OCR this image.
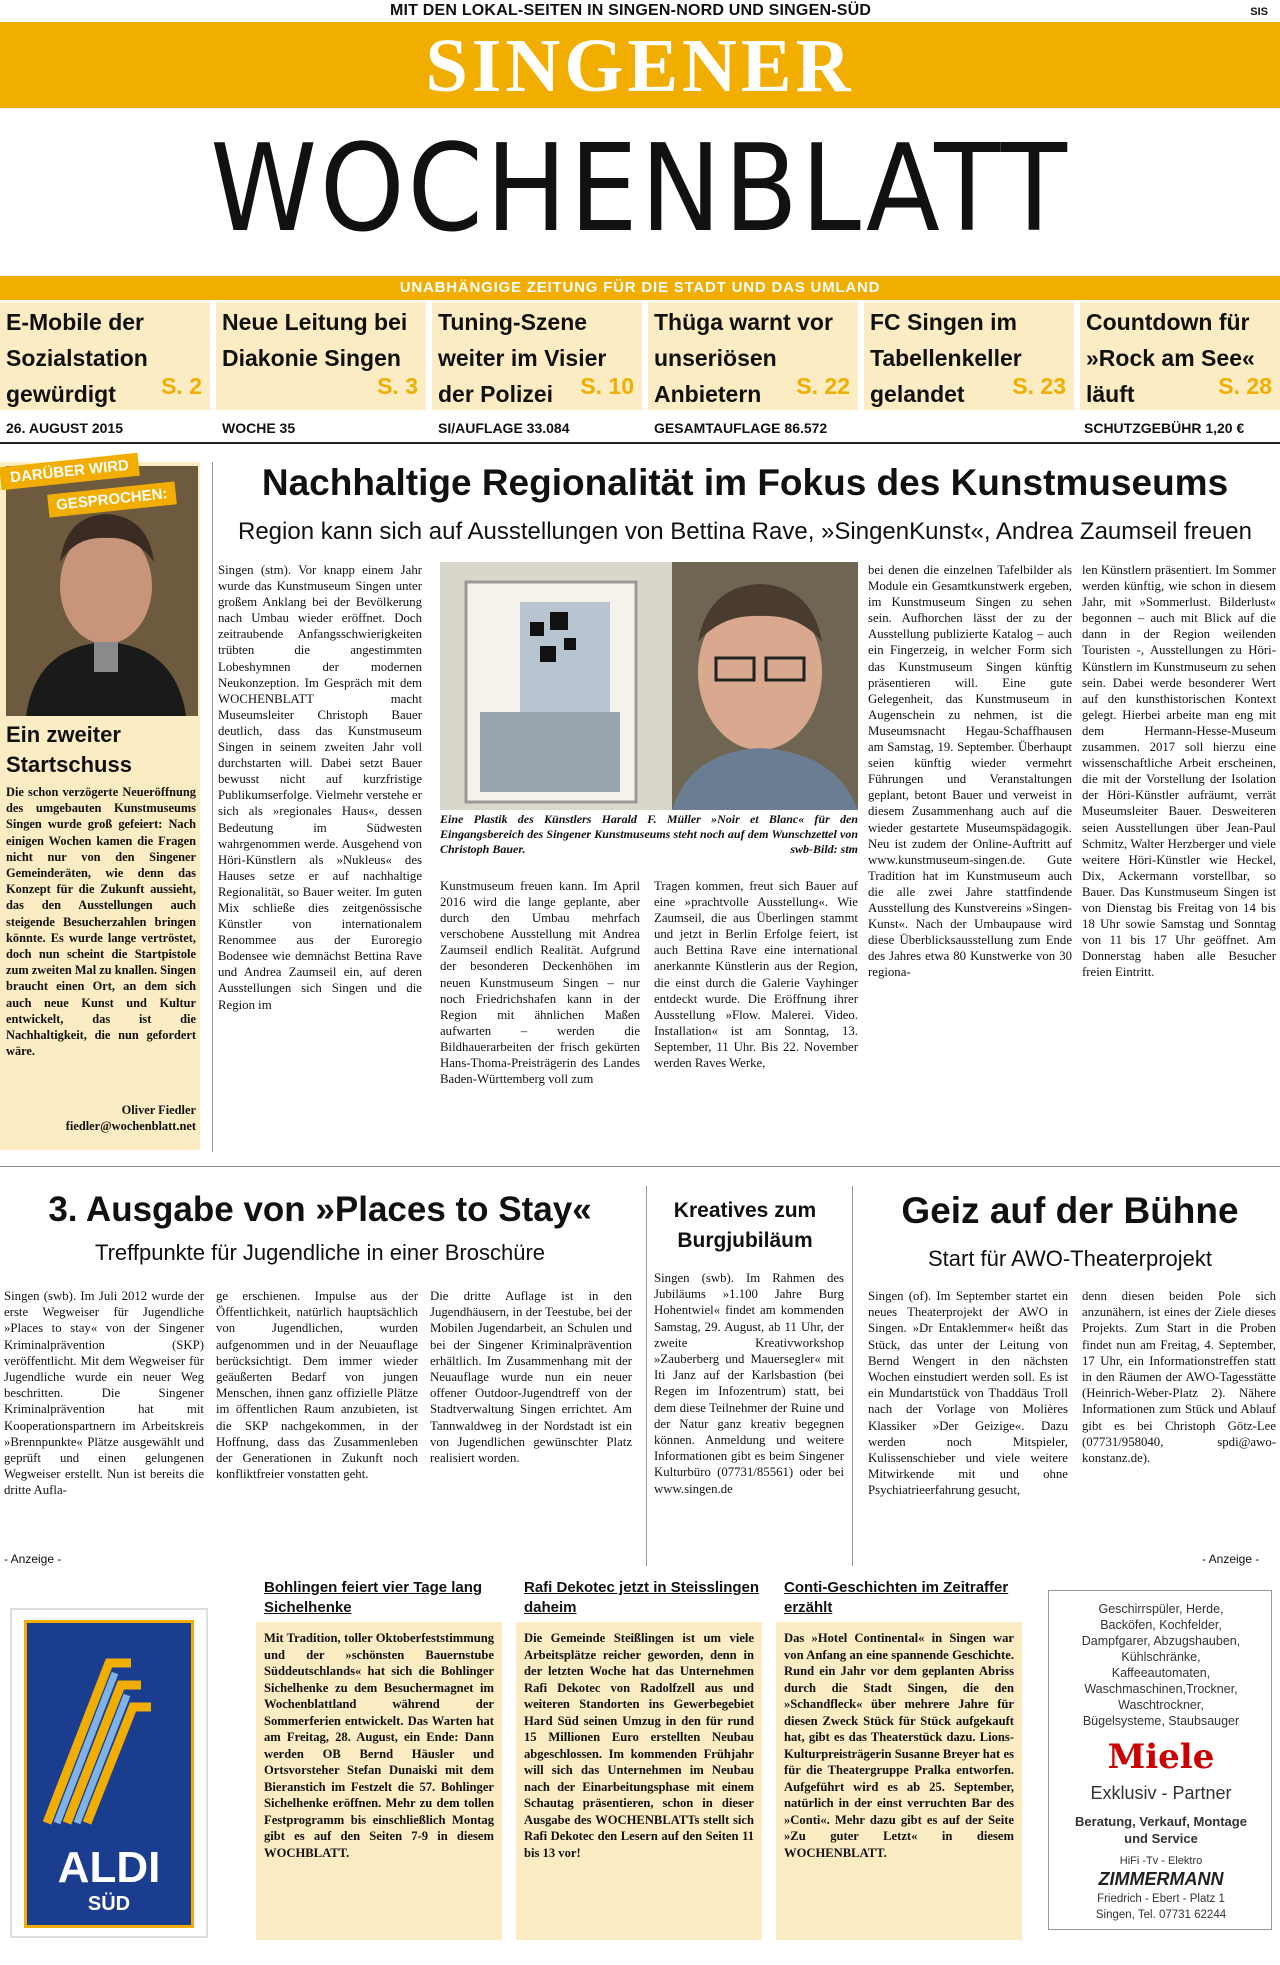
MIT DEN LOKAL-SEITEN IN SINGEN-NORD UND SINGEN-SÜD	SIS
SINGENER
WOCHENBLATT
UNABHÄNGIGE ZEITUNG FÜR DIE STADT UND DAS UMLAND
E-Mobile der Sozialstation gewürdigt S. 2
Neue Leitung bei Diakonie Singen
S. 3
Tuning-Szene weiter im Visier der Polizei S. 10
Thüga warnt vor unseriösen Anbietern S. 22
FC Singen im Tabellenkeller gelandet S. 23
Countdown für »Rock am See« läuft	S. 28
26. AUGUST 2015	WOCHE 35	SI/AUFLAGE 33.084	GESAMTAUFLAGE 86.572	SCHUTZGEBÜHR 1,20 €
DARÜBER WIRD
GESPROCHEN:
Ein zweiter Startschuss
Die schon verzögerte Neueröffnung des umgebauten Kunstmuseums Singen wurde groß gefeiert: Nach einigen Wochen kamen die Fragen nicht nur von den Singener Gemeinderäten, wie denn das Konzept für die Zukunft aussieht, das den Ausstellungen auch steigende Besucherzahlen bringen könnte. Es wurde lange vertröstet, doch nun scheint die Startpistole zum zweiten Mal zu knallen. Singen braucht einen Ort, an dem sich auch neue Kunst und Kultur entwickelt, das ist die Nachhaltigkeit, die nun gefordert wäre.
Oliver Fiedler
fiedler@wochenblatt.net
Nachhaltige Regionalität im Fokus des Kunstmuseums
Region kann sich auf Ausstellungen von Bettina Rave, »SingenKunst«, Andrea Zaumseil freuen
Singen (stm). Vor knapp einem Jahr wurde das Kunstmuseum Singen unter großem Anklang bei der Bevölkerung nach Umbau wieder eröffnet. Doch zeitraubende Anfangsschwierigkeiten trübten die angestimmten Lobeshymnen der modernen Neukonzeption. Im Gespräch mit dem WOCHENBLATT macht Museumsleiter Christoph Bauer deutlich, dass das Kunstmuseum Singen in seinem zweiten Jahr voll durchstarten will. Dabei setzt Bauer bewusst nicht auf kurzfristige Publikumserfolge. Vielmehr verstehe er sich als »regionales Haus«, dessen Bedeutung im Südwesten wahrgenommen werde. Ausgehend von Höri-Künstlern als »Nukleus« des Hauses setze er auf nachhaltige Regionalität, so Bauer weiter. Im guten Mix schließe dies zeitgenössische Künstler von internationalem Renommee aus der Euroregio Bodensee wie demnächst Bettina Rave und Andrea Zaumseil ein, auf deren Ausstellungen sich Singen und die Region im
Eine Plastik des Künstlers Harald F. Müller »Noir et Blanc« für den Eingangsbereich des Singener Kunstmuseums steht noch auf dem Wunschzettel von Christoph Bauer.	swb-Bild: stm
Kunstmuseum freuen kann. Im April 2016 wird die lange geplante, aber durch den Umbau mehrfach verschobene Ausstellung mit Andrea Zaumseil endlich Realität. Aufgrund der besonderen Deckenhöhen im neuen Kunstmuseum Singen – nur noch Friedrichshafen kann in der Region mit ähnlichen Maßen aufwarten – werden die Bildhauerarbeiten der frisch gekürten Hans-Thoma-Preisträgerin des Landes Baden-Württemberg voll zum
Tragen kommen, freut sich Bauer auf eine »prachtvolle Ausstellung«. Wie Zaumseil, die aus Überlingen stammt und jetzt in Berlin Erfolge feiert, ist auch Bettina Rave eine international anerkannte Künstlerin aus der Region, die einst durch die Galerie Vayhinger entdeckt wurde. Die Eröffnung ihrer Ausstellung »Flow. Malerei. Video. Installation« ist am Sonntag, 13. September, 11 Uhr. Bis 22. November werden Raves Werke,
bei denen die einzelnen Tafelbilder als Module ein Gesamtkunstwerk ergeben, im Kunstmuseum Singen zu sehen sein. Aufhorchen lässt der zu der Ausstellung publizierte Katalog – auch ein Fingerzeig, in welcher Form sich das Kunstmuseum Singen künftig präsentieren will. Eine gute Gelegenheit, das Kunstmuseum in Augenschein zu nehmen, ist die Museumsnacht Hegau-Schaffhausen am Samstag, 19. September. Überhaupt seien künftig wieder vermehrt Führungen und Veranstaltungen geplant, betont Bauer und verweist in diesem Zusammenhang auch auf die wieder gestartete Museumspädagogik. Neu ist zudem der Online-Auftritt auf www.kunstmuseum-singen.de. Gute Tradition hat im Kunstmuseum auch die alle zwei Jahre stattfindende Ausstellung des Kunstvereins »Singen-Kunst«. Nach der Umbaupause wird diese Überblicksausstellung zum Ende des Jahres etwa 80 Kunstwerke von 30 regiona-
len Künstlern präsentiert. Im Sommer werden künftig, wie schon in diesem Jahr, mit »Sommerlust. Bilderlust« begonnen – auch mit Blick auf die dann in der Region weilenden Touristen -, Ausstellungen zu Höri-Künstlern im Kunstmuseum zu sehen sein. Dabei werde besonderer Wert auf den kunsthistorischen Kontext gelegt. Hierbei arbeite man eng mit dem Hermann-Hesse-Museum zusammen. 2017 soll hierzu eine wissenschaftliche Arbeit erscheinen, die mit der Vorstellung der Isolation der Höri-Künstler aufräumt, verrät Museumsleiter Bauer. Desweiteren seien Ausstellungen über Jean-Paul Schmitz, Walter Herzberger und viele weitere Höri-Künstler wie Heckel, Dix, Ackermann vorstellbar, so Bauer. Das Kunstmuseum Singen ist von Dienstag bis Freitag von 14 bis 18 Uhr sowie Samstag und Sonntag von 11 bis 17 Uhr geöffnet. Am Donnerstag haben alle Besucher freien Eintritt.
3. Ausgabe von »Places to Stay«
Treffpunkte für Jugendliche in einer Broschüre
Singen (swb). Im Juli 2012 wurde der erste Wegweiser für Jugendliche »Places to stay« von der Singener Kriminalprävention (SKP) veröffentlicht. Mit dem Wegweiser für Jugendliche wurde ein neuer Weg beschritten. Die Singener Kriminalprävention hat mit Kooperationspartnern im Arbeitskreis »Brennpunkte« Plätze ausgewählt und geprüft und einen gelungenen Wegweiser erstellt. Nun ist bereits die dritte Aufla-
ge erschienen. Impulse aus der Öffentlichkeit, natürlich hauptsächlich von Jugendlichen, wurden aufgenommen und in der Neuauflage berücksichtigt. Dem immer wieder geäußerten Bedarf von jungen Menschen, ihnen ganz offizielle Plätze im öffentlichen Raum anzubieten, ist die SKP nachgekommen, in der Hoffnung, dass das Zusammenleben der Generationen in Zukunft noch konfliktfreier vonstatten geht.
Die dritte Auflage ist in den Jugendhäusern, in der Teestube, bei der Mobilen Jugendarbeit, an Schulen und bei der Singener Kriminalprävention erhältlich. Im Zusammenhang mit der Neuauflage wurde nun ein neuer offener Outdoor-Jugendtreff von der Stadtverwaltung Singen errichtet. Am Tannwaldweg in der Nordstadt ist ein von Jugendlichen gewünschter Platz realisiert worden.
- Anzeige -
Kreatives zum Burgjubiläum
Singen (swb). Im Rahmen des Jubiläums »1.100 Jahre Burg Hohentwiel« findet am kommenden Samstag, 29. August, ab 11 Uhr, der zweite Kreativworkshop »Zauberberg und Mauersegler« mit Iti Janz auf der Karlsbastion (bei Regen im Infozentrum) statt, bei dem diese Teilnehmer der Ruine und der Natur ganz kreativ begegnen können. Anmeldung und weitere Informationen gibt es beim Singener Kulturbüro (07731/85561) oder bei www.singen.de
Geiz auf der Bühne
Start für AWO-Theaterprojekt
Singen (of). Im September startet ein neues Theaterprojekt der AWO in Singen. »Dr Entaklemmer« heißt das Stück, das unter der Leitung von Bernd Wengert in den nächsten Wochen einstudiert werden soll. Es ist ein Mundartstück von Thaddäus Troll nach der Vorlage von Molières Klassiker »Der Geizige«. Dazu werden noch Mitspieler, Kulissenschieber und viele weitere Mitwirkende mit und ohne Psychiatrieerfahrung gesucht,
denn diesen beiden Pole sich anzunähern, ist eines der Ziele dieses Projekts. Zum Start in die Proben findet nun am Freitag, 4. September, 17 Uhr, ein Informationstreffen statt in den Räumen der AWO-Tagesstätte (Heinrich-Weber-Platz 2). Nähere Informationen zum Stück und Ablauf gibt es bei Christoph Götz-Lee (07731/958040, spdi@awo-konstanz.de).
- Anzeige -
ALDI
SÜD
Bohlingen feiert vier Tage lang Sichelhenke
Mit Tradition, toller Oktoberfeststimmung und der »schönsten Bauernstube Süddeutschlands« hat sich die Bohlinger Sichelhenke zu dem Besuchermagnet im Wochenblattland während der Sommerferien entwickelt. Das Warten hat am Freitag, 28. August, ein Ende: Dann werden OB Bernd Häusler und Ortsvorsteher Stefan Dunaiski mit dem Bieranstich im Festzelt die 57. Bohlinger Sichelhenke eröffnen. Mehr zu dem tollen Festprogramm bis einschließlich Montag gibt es auf den Seiten 7-9 in diesem WOCHBLATT.
Rafi Dekotec jetzt in Steisslingen daheim
Die Gemeinde Steißlingen ist um viele Arbeitsplätze reicher geworden, denn in der letzten Woche hat das Unternehmen Rafi Dekotec von Radolfzell aus und weiteren Standorten ins Gewerbegebiet Hard Süd seinen Umzug in den für rund 15 Millionen Euro erstellten Neubau abgeschlossen. Im kommenden Frühjahr will sich das Unternehmen im Neubau nach der Einarbeitungsphase mit einem Schautag präsentieren, schon in dieser Ausgabe des WOCHENBLATTs stellt sich Rafi Dekotec den Lesern auf den Seiten 11 bis 13 vor!
Conti-Geschichten im Zeitraffer erzählt
Das »Hotel Continental« in Singen war von Anfang an eine spannende Geschichte. Rund ein Jahr vor dem geplanten Abriss durch die Stadt Singen, die den »Schandfleck« über mehrere Jahre für diesen Zweck Stück für Stück aufgekauft hat, gibt es das Theaterstück dazu. Lions-Kulturpreisträgerin Susanne Breyer hat es für die Theatergruppe Pralka entworfen. Aufgeführt wird es ab 25. September, natürlich in der einst verruchten Bar des »Conti«. Mehr dazu gibt es auf der Seite »Zu guter Letzt« in diesem WOCHENBLATT.
Geschirrspüler, Herde,
Backöfen, Kochfelder,
Dampfgarer, Abzugshauben,
Kühlschränke,
Kaffeeautomaten,
Waschmaschinen,Trockner,
Waschtrockner,
Bügelsysteme, Staubsauger
Miele
Exklusiv - Partner
Beratung, Verkauf, Montage und Service
HiFi -Tv - Elektro
ZIMMERMANN
Friedrich - Ebert - Platz 1
Singen, Tel. 07731 62244
